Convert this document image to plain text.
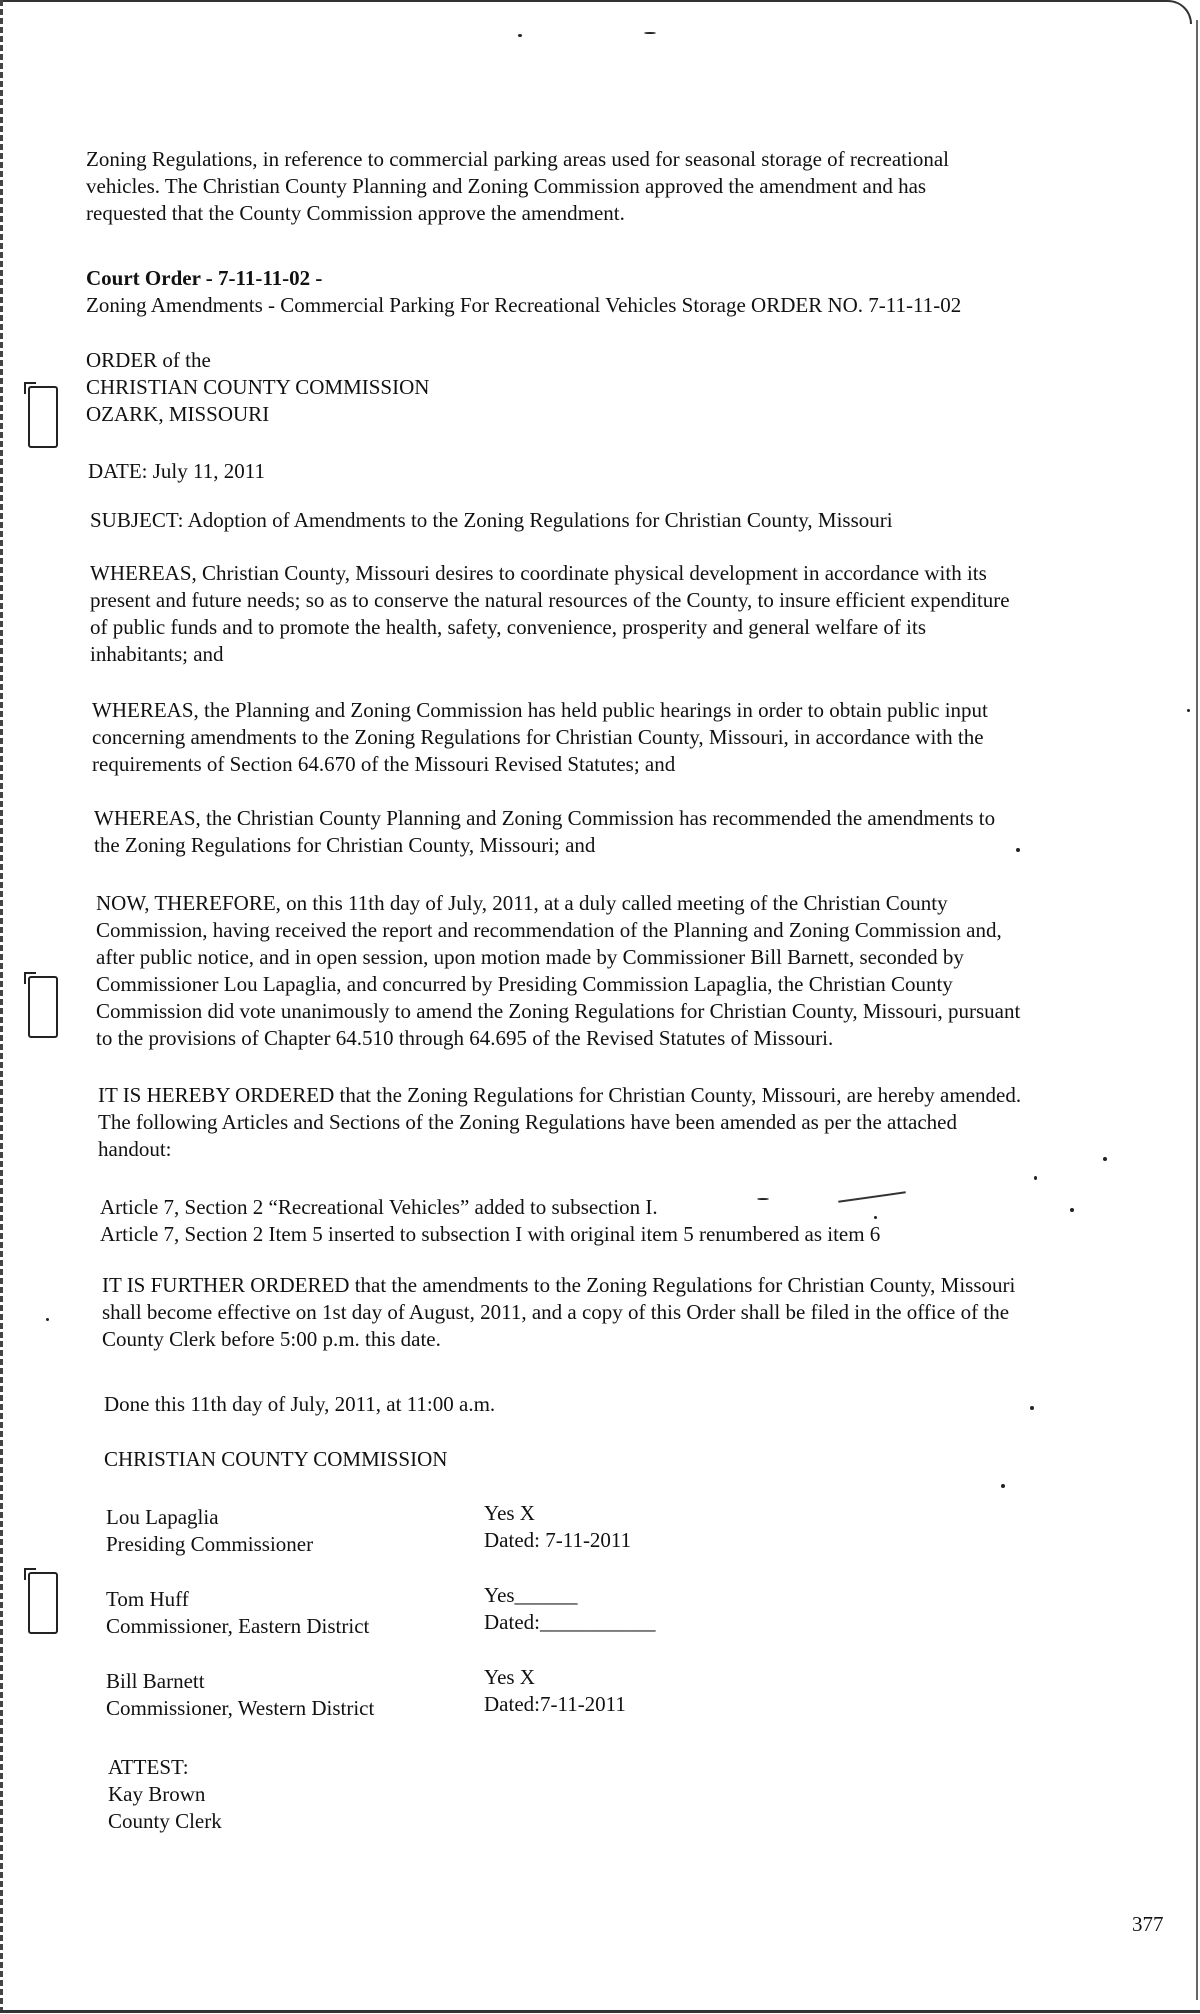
Zoning Regulations, in reference to commercial parking areas used for seasonal storage of recreational

vehicles. The Christian County Planning and Zoning Commission approved the amendment and has

requested that the County Commission approve the amendment.

Court Order - 7-11-11-02 -

Zoning Amendments - Commercial Parking For Recreational Vehicles Storage ORDER NO. 7-11-11-02

ORDER of the

CHRISTIAN COUNTY COMMISSION

OZARK, MISSOURI

DATE: July 11, 2011
SUBJECT: Adoption of Amendments to the Zoning Regulations for Christian County, Missouri

WHEREAS, Christian County, Missouri desires to coordinate physical development in accordance with its

present and future needs; so as to conserve the natural resources of the County, to insure efficient expenditure

of public funds and to promote the health, safety, convenience, prosperity and general welfare of its

inhabitants; and

WHEREAS, the Planning and Zoning Commission has held public hearings in order to obtain public input

concerning amendments to the Zoning Regulations for Christian County, Missouri, in accordance with the

requirements of Section 64.670 of the Missouri Revised Statutes; and

WHEREAS, the Christian County Planning and Zoning Commission has recommended the amendments to

the Zoning Regulations for Christian County, Missouri; and

NOW, THEREFORE, on this 11th day of July, 2011, at a duly called meeting of the Christian County

Commission, having received the report and recommendation of the Planning and Zoning Commission and,

after public notice, and in open session, upon motion made by Commissioner Bill Barnett, seconded by

Commissioner Lou Lapaglia, and concurred by Presiding Commission Lapaglia, the Christian County

Commission did vote unanimously to amend the Zoning Regulations for Christian County, Missouri, pursuant

to the provisions of Chapter 64.510 through 64.695 of the Revised Statutes of Missouri.

IT IS HEREBY ORDERED that the Zoning Regulations for Christian County, Missouri, are hereby amended.

The following Articles and Sections of the Zoning Regulations have been amended as per the attached

handout:

Article 7, Section 2 “Recreational Vehicles” added to subsection I.

Article 7, Section 2 Item 5 inserted to subsection I with original item 5 renumbered as item 6

IT IS FURTHER ORDERED that the amendments to the Zoning Regulations for Christian County, Missouri

shall become effective on 1st day of August, 2011, and a copy of this Order shall be filed in the office of the

County Clerk before 5:00 p.m. this date.

Done this 11th day of July, 2011, at 11:00 a.m.
CHRISTIAN COUNTY COMMISSION

Lou Lapaglia

Presiding Commissioner

Yes X

Dated: 7-11-2011

Tom Huff

Commissioner, Eastern District

Yes______

Dated:___________

Bill Barnett

Commissioner, Western District

Yes X

Dated:7-11-2011

ATTEST:

Kay Brown

County Clerk

377
